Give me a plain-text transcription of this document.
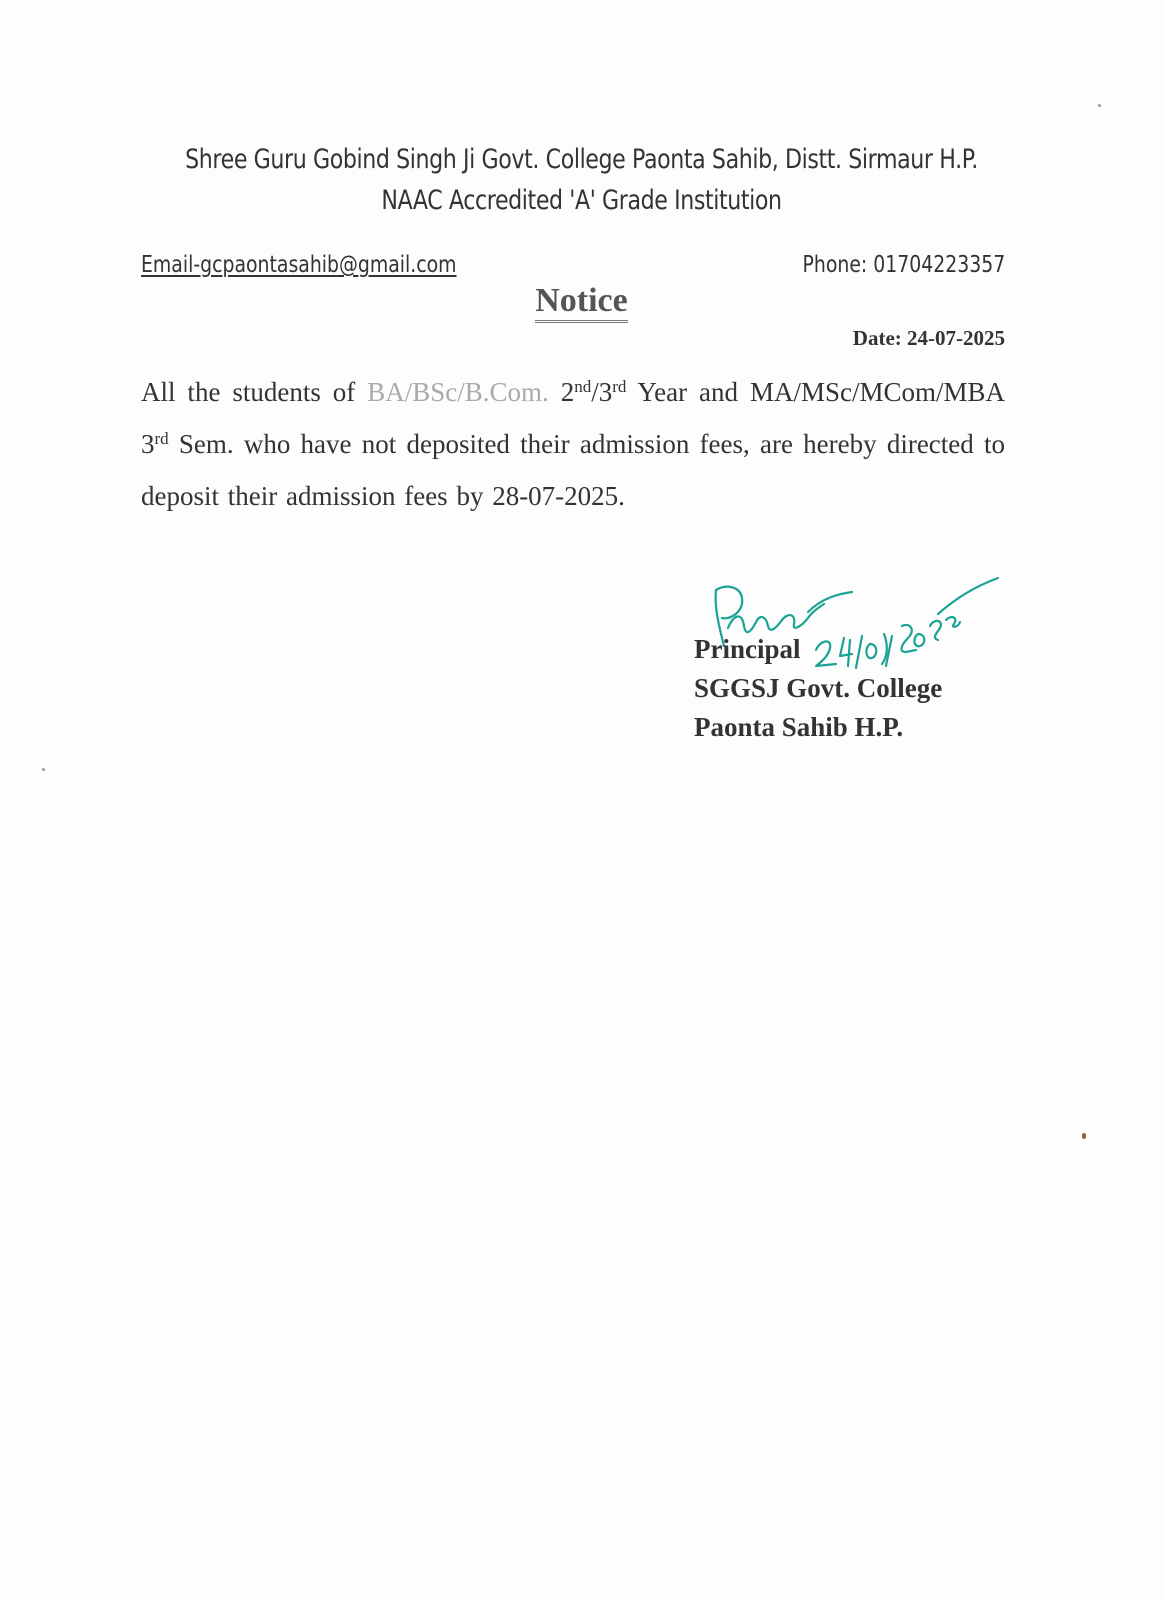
Shree Guru Gobind Singh Ji Govt. College Paonta Sahib, Distt. Sirmaur H.P.
NAAC Accredited 'A' Grade Institution
Email-gcpaontasahib@gmail.com	Phone: 01704223357
Notice
Date: 24-07-2025
All the students of BA/BSc/B.Com. 2nd/3rd Year and MA/MSc/MCom/MBA 3rd Sem. who have not deposited their admission fees, are hereby directed to deposit their admission fees by 28-07-2025.
Principal
SGGSJ Govt. College
Paonta Sahib H.P.
